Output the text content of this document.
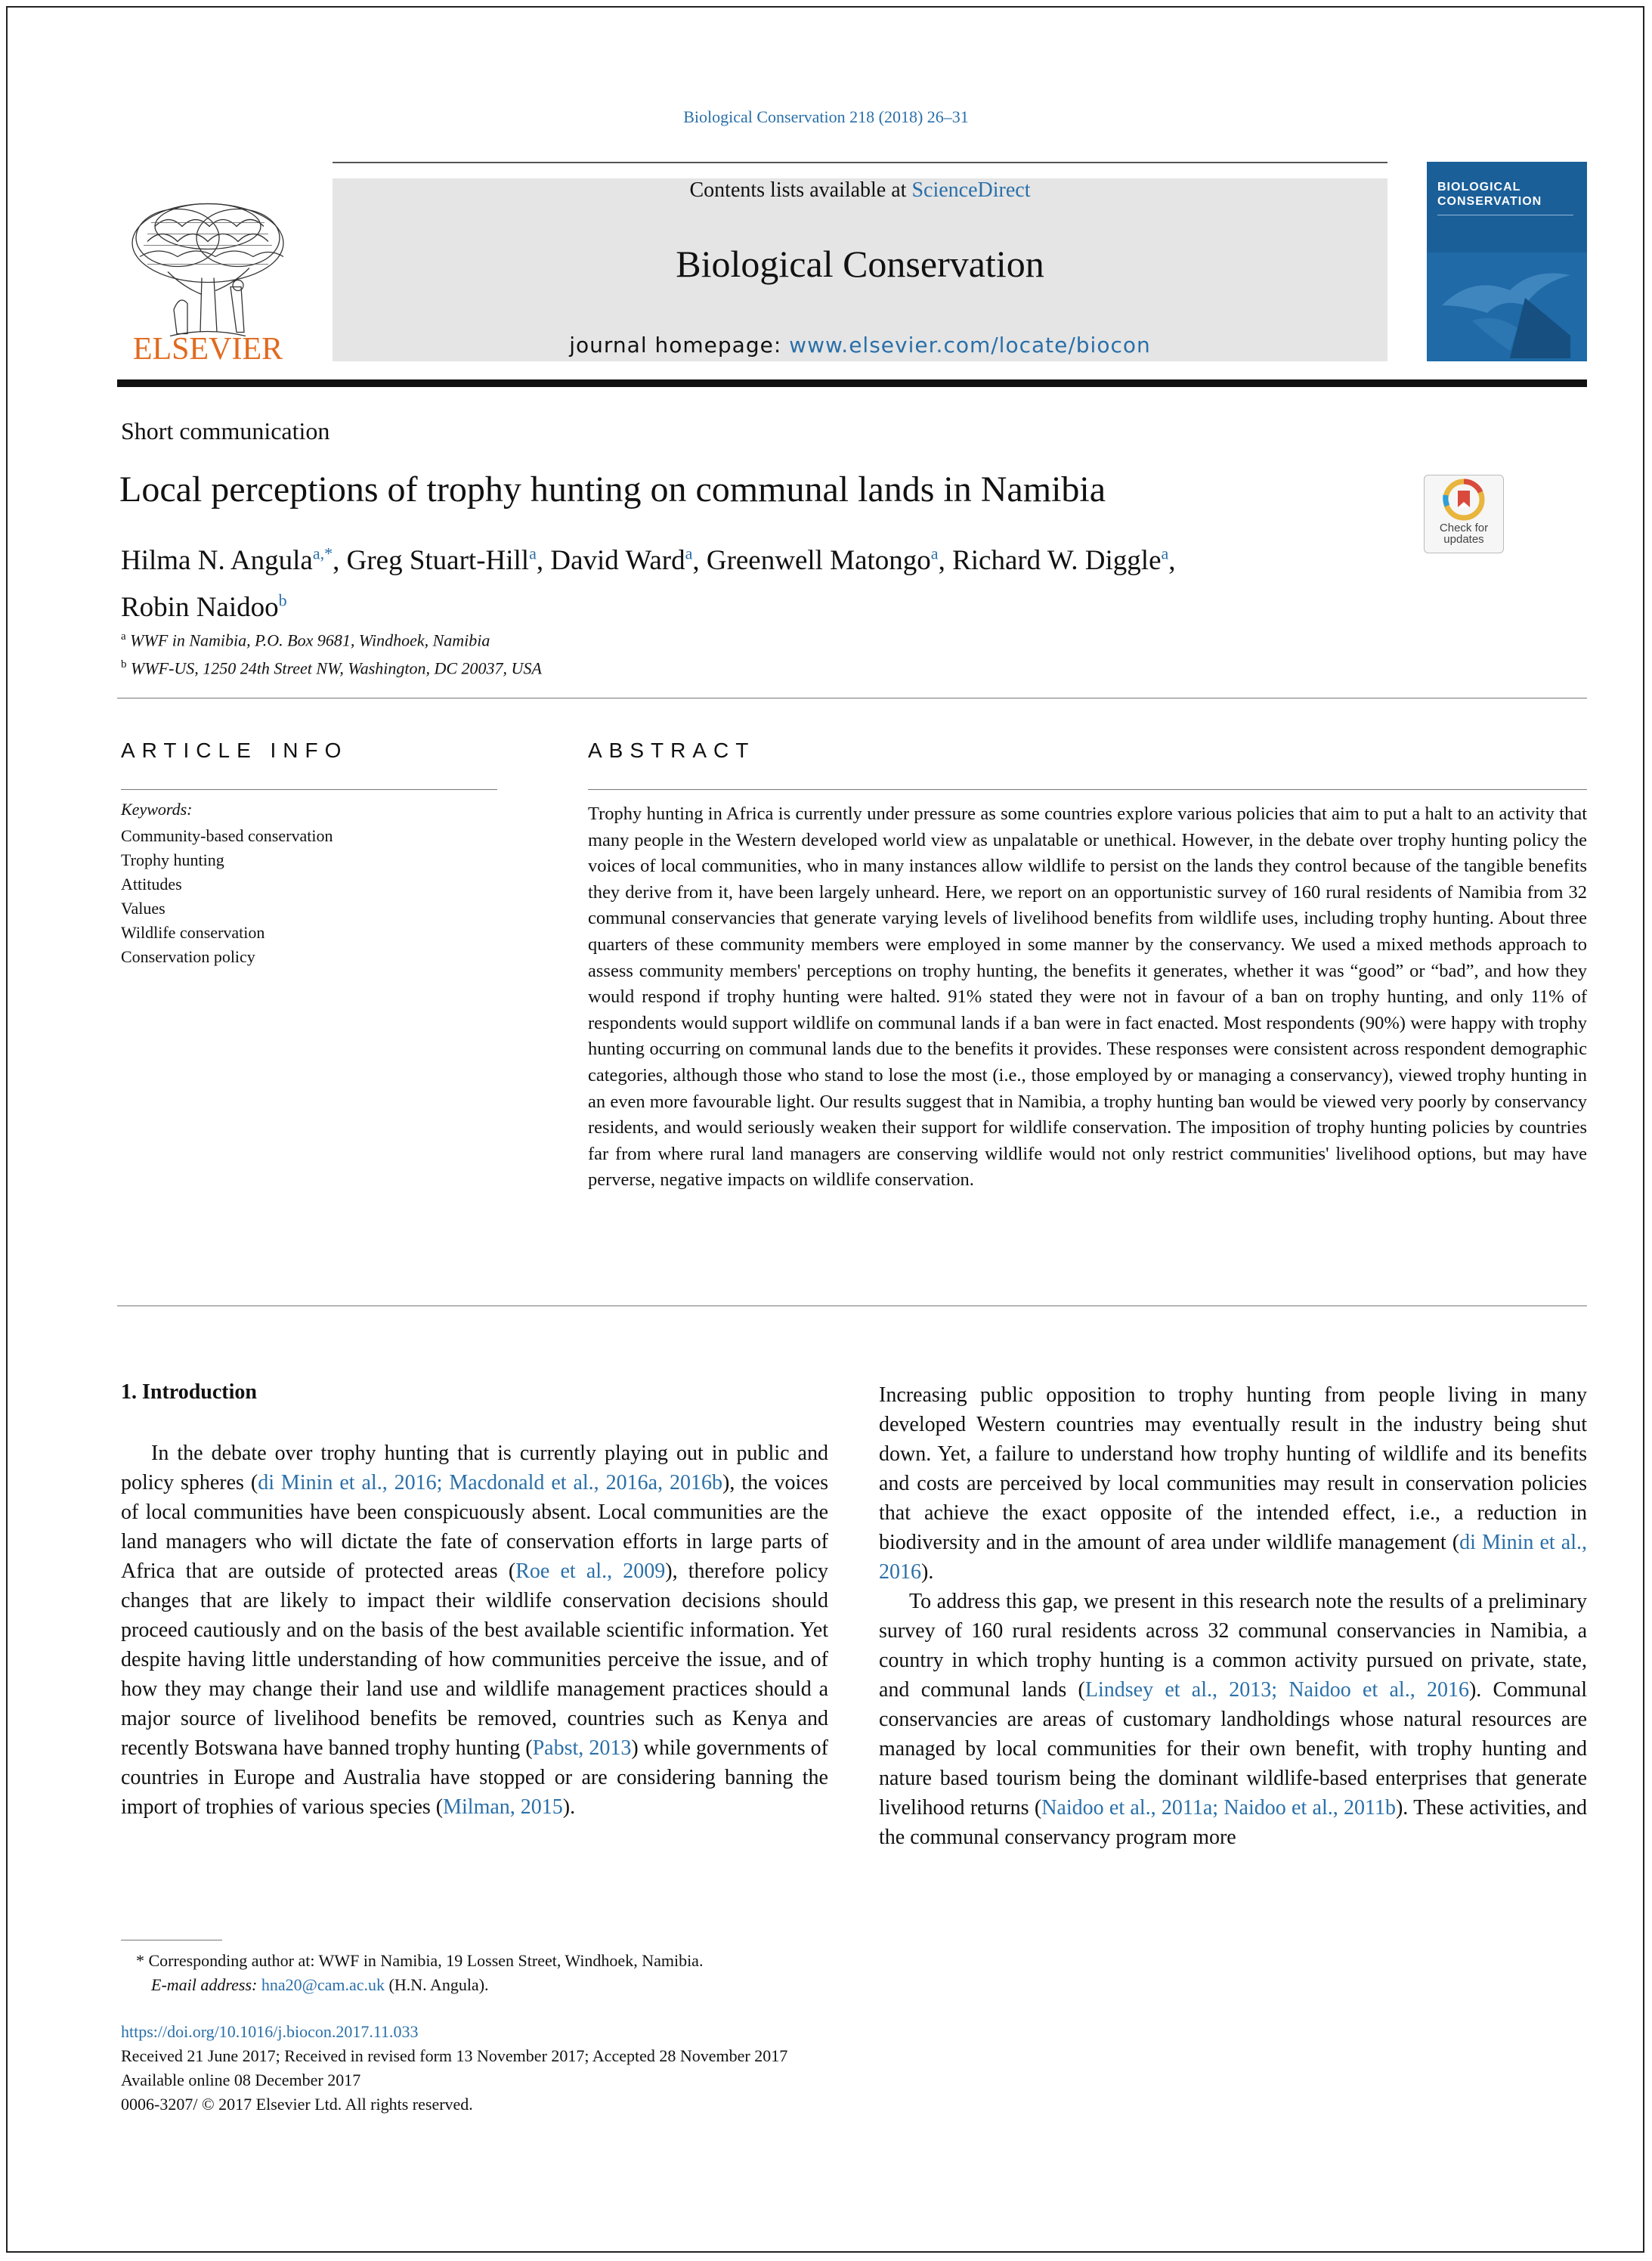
Biological Conservation 218 (2018) 26–31
ELSEVIER
Contents lists available at ScienceDirect
Biological Conservation
journal homepage: www.elsevier.com/locate/biocon
BIOLOGICAL
CONSERVATION
Short communication
Local perceptions of trophy hunting on communal lands in Namibia
Check for
updates
Hilma N. Angula$^{a,*}$, Greg Stuart-Hill$^a$, David Ward$^a$, Greenwell Matongo$^a$, Richard W. Diggle$^a$,
Robin Naidoo$^b$
$^a$ WWF in Namibia, P.O. Box 9681, Windhoek, Namibia
$^b$ WWF-US, 1250 24th Street NW, Washington, DC 20037, USA
ARTICLE INFO
Keywords:
Community-based conservation
Trophy hunting
Attitudes
Values
Wildlife conservation
Conservation policy
ABSTRACT
Trophy hunting in Africa is currently under pressure as some countries explore various policies that aim to put a halt to an activity that many people in the Western developed world view as unpalatable or unethical. However, in the debate over trophy hunting policy the voices of local communities, who in many instances allow wildlife to persist on the lands they control because of the tangible benefits they derive from it, have been largely unheard. Here, we report on an opportunistic survey of 160 rural residents of Namibia from 32 communal conservancies that generate varying levels of livelihood benefits from wildlife uses, including trophy hunting. About three quarters of these community members were employed in some manner by the conservancy. We used a mixed methods approach to assess community members' perceptions on trophy hunting, the benefits it generates, whether it was “good” or “bad”, and how they would respond if trophy hunting were halted. 91% stated they were not in favour of a ban on trophy hunting, and only 11% of respondents would support wildlife on communal lands if a ban were in fact enacted. Most respondents (90%) were happy with trophy hunting occurring on communal lands due to the benefits it provides. These responses were consistent across respondent demographic categories, although those who stand to lose the most (i.e., those employed by or managing a conservancy), viewed trophy hunting in an even more favourable light. Our results suggest that in Namibia, a trophy hunting ban would be viewed very poorly by conservancy residents, and would seriously weaken their support for wildlife conservation. The imposition of trophy hunting policies by countries far from where rural land managers are conserving wildlife would not only restrict communities' livelihood options, but may have perverse, negative impacts on wildlife conservation.
1. Introduction
In the debate over trophy hunting that is currently playing out in public and policy spheres (di Minin et al., 2016; Macdonald et al., 2016a, 2016b), the voices of local communities have been conspicuously absent. Local communities are the land managers who will dictate the fate of conservation efforts in large parts of Africa that are outside of protected areas (Roe et al., 2009), therefore policy changes that are likely to impact their wildlife conservation decisions should proceed cautiously and on the basis of the best available scientific information. Yet despite having little understanding of how communities perceive the issue, and of how they may change their land use and wildlife management practices should a major source of livelihood benefits be removed, countries such as Kenya and recently Botswana have banned trophy hunting (Pabst, 2013) while governments of countries in Europe and Australia have stopped or are considering banning the import of trophies of various species (Milman, 2015).
Increasing public opposition to trophy hunting from people living in many developed Western countries may eventually result in the industry being shut down. Yet, a failure to understand how trophy hunting of wildlife and its benefits and costs are perceived by local communities may result in conservation policies that achieve the exact opposite of the intended effect, i.e., a reduction in biodiversity and in the amount of area under wildlife management (di Minin et al., 2016).
To address this gap, we present in this research note the results of a preliminary survey of 160 rural residents across 32 communal conservancies in Namibia, a country in which trophy hunting is a common activity pursued on private, state, and communal lands (Lindsey et al., 2013; Naidoo et al., 2016). Communal conservancies are areas of customary landholdings whose natural resources are managed by local communities for their own benefit, with trophy hunting and nature based tourism being the dominant wildlife-based enterprises that generate livelihood returns (Naidoo et al., 2011a; Naidoo et al., 2011b). These activities, and the communal conservancy program more
* Corresponding author at: WWF in Namibia, 19 Lossen Street, Windhoek, Namibia.
E-mail address: hna20@cam.ac.uk (H.N. Angula).
https://doi.org/10.1016/j.biocon.2017.11.033
Received 21 June 2017; Received in revised form 13 November 2017; Accepted 28 November 2017
Available online 08 December 2017
0006-3207/ © 2017 Elsevier Ltd. All rights reserved.
